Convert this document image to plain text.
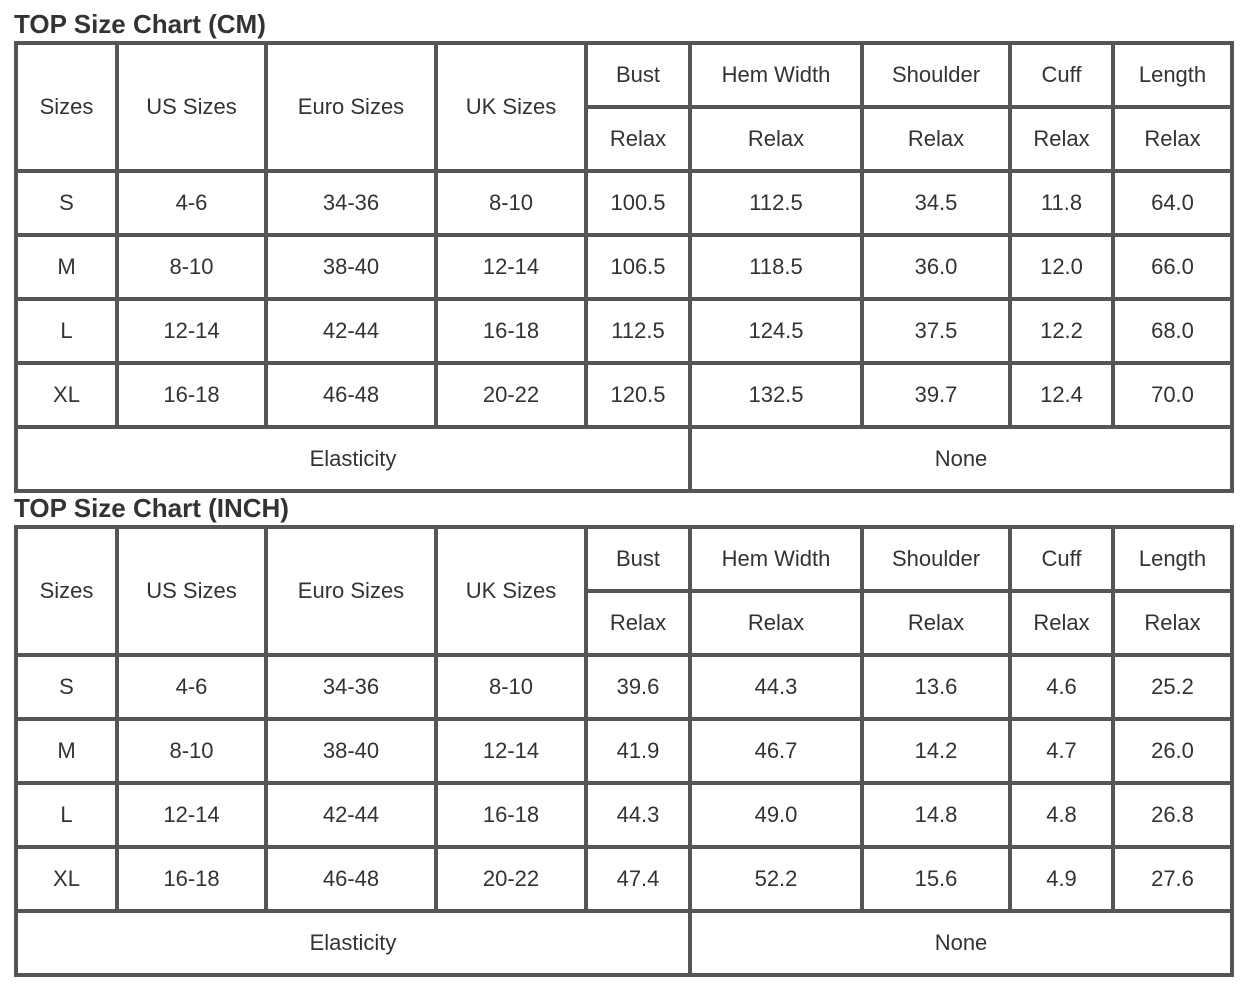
TOP Size Chart (CM)
Sizes	US Sizes	Euro Sizes	UK Sizes	Bust	Hem Width	Shoulder	Cuff	Length
				Relax	Relax	Relax	Relax	Relax
S	4-6	34-36	8-10	100.5	112.5	34.5	11.8	64.0
M	8-10	38-40	12-14	106.5	118.5	36.0	12.0	66.0
L	12-14	42-44	16-18	112.5	124.5	37.5	12.2	68.0
XL	16-18	46-48	20-22	120.5	132.5	39.7	12.4	70.0
Elasticity					None			
TOP Size Chart (INCH)
Sizes	US Sizes	Euro Sizes	UK Sizes	Bust	Hem Width	Shoulder	Cuff	Length
				Relax	Relax	Relax	Relax	Relax
S	4-6	34-36	8-10	39.6	44.3	13.6	4.6	25.2
M	8-10	38-40	12-14	41.9	46.7	14.2	4.7	26.0
L	12-14	42-44	16-18	44.3	49.0	14.8	4.8	26.8
XL	16-18	46-48	20-22	47.4	52.2	15.6	4.9	27.6
Elasticity					None			
